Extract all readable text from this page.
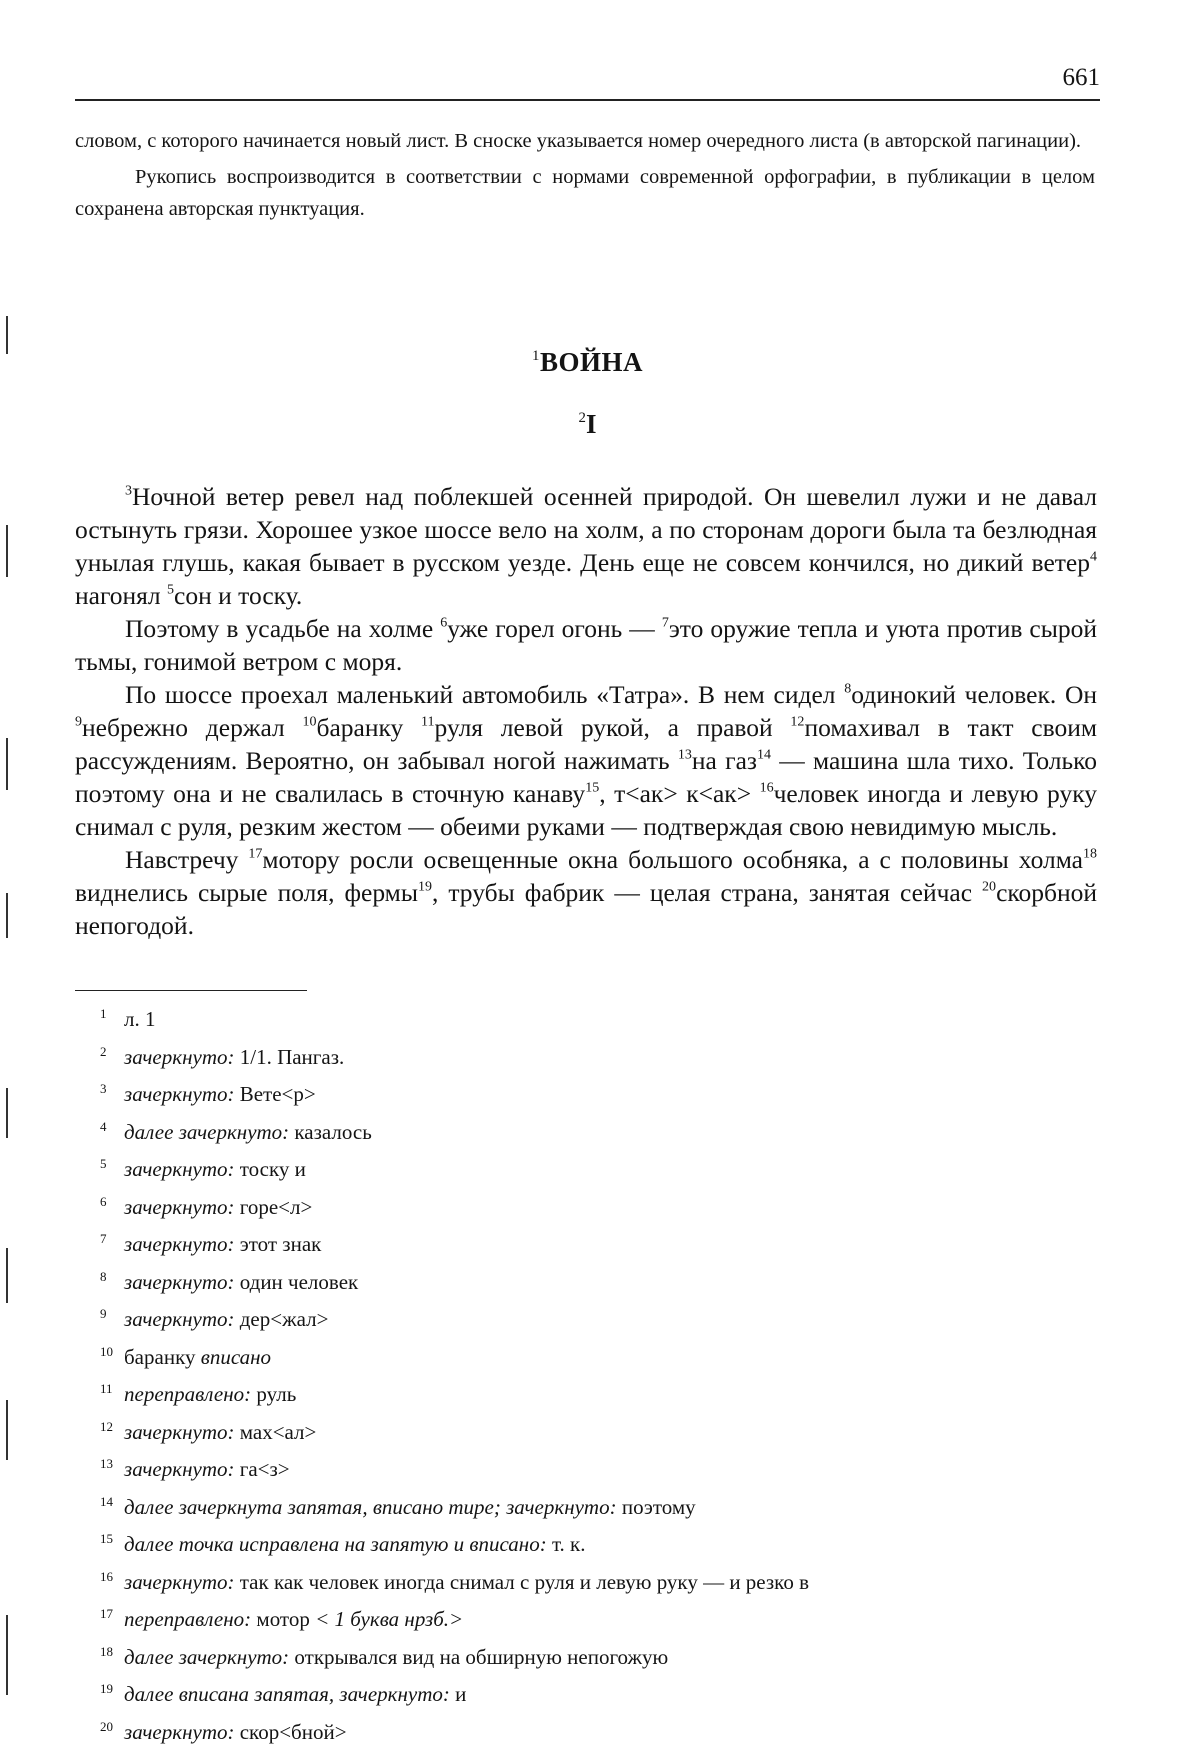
661

словом, с которого начинается новый лист. В сноске указывается номер очередного листа (в авторской пагинации).

Рукопись воспроизводится в соответствии с нормами современной орфографии, в публикации в целом сохранена авторская пунктуация.

$^1$ВОЙНА
$^2$I

$^3$Ночной ветер ревел над поблекшей осенней природой. Он шевелил лужи и не давал остынуть грязи. Хорошее узкое шоссе вело на холм, а по сторонам дороги была та безлюдная унылая глушь, какая бывает в русском уезде. День еще не совсем кончился, но дикий ветер$^4$ нагонял $^5$сон и тоску.

Поэтому в усадьбе на холме $^6$уже горел огонь — $^7$это оружие тепла и уюта против сырой тьмы, гонимой ветром с моря.

По шоссе проехал маленький автомобиль «Татра». В нем сидел $^8$одинокий человек. Он $^9$небрежно держал $^{10}$баранку $^{11}$руля левой рукой, а правой $^{12}$помахивал в такт своим рассуждениям. Вероятно, он забывал ногой нажимать $^{13}$на газ$^{14}$ — машина шла тихо. Только поэтому она и не свалилась в сточную канаву$^{15}$, т<ак> к<ак> $^{16}$человек иногда и левую руку снимал с руля, резким жестом — обеими руками — подтверждая свою невидимую мысль.

Навстречу $^{17}$мотору росли освещенные окна большого особняка, а с половины холма$^{18}$ виднелись сырые поля, фермы$^{19}$, трубы фабрик — целая страна, занятая сейчас $^{20}$скорбной непогодой.

1 л. 1
2 зачеркнуто: 1/1. Пангаз.
3 зачеркнуто: Вете<р>
4 далее зачеркнуто: казалось
5 зачеркнуто: тоску и
6 зачеркнуто: горе<л>
7 зачеркнуто: этот знак
8 зачеркнуто: один человек
9 зачеркнуто: дер<жал>
10 баранку вписано
11 переправлено: руль
12 зачеркнуто: мах<ал>
13 зачеркнуто: га<з>
14 далее зачеркнута запятая, вписано тире; зачеркнуто: поэтому
15 далее точка исправлена на запятую и вписано: т. к.
16 зачеркнуто: так как человек иногда снимал с руля и левую руку — и резко в
17 переправлено: мотор < 1 буква нрзб.>
18 далее зачеркнуто: открывался вид на обширную непогожую
19 далее вписана запятая, зачеркнуто: и
20 зачеркнуто: скор<бной>
